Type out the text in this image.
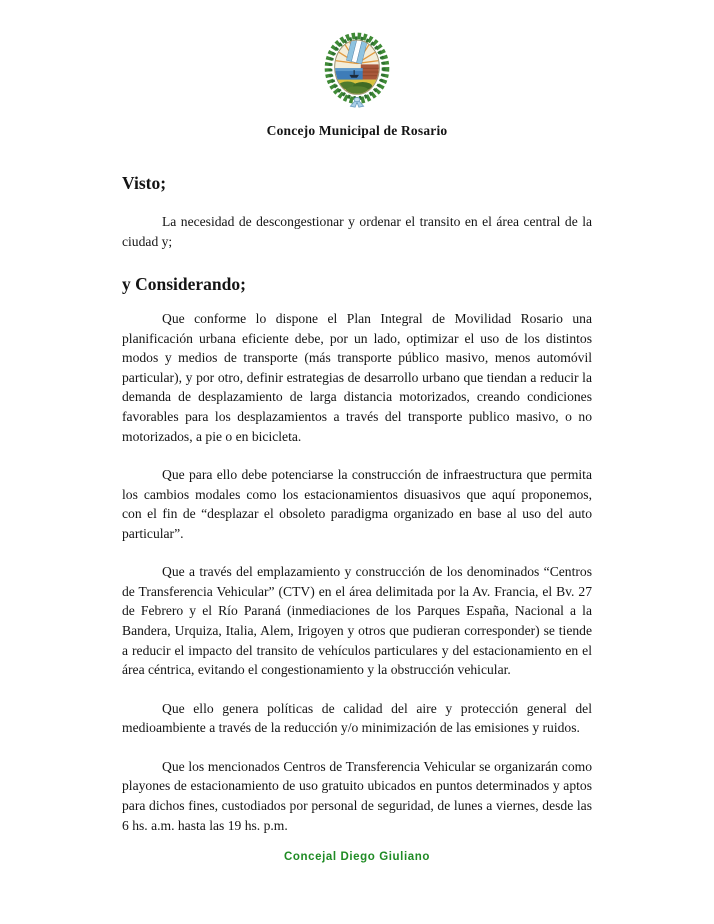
Concejo Municipal de Rosario
Visto;

La necesidad de descongestionar y ordenar el transito en el área central de la ciudad y;

y Considerando;

Que conforme lo dispone el Plan Integral de Movilidad Rosario una planificación urbana eficiente debe, por un lado, optimizar el uso de los distintos modos y medios de transporte (más transporte público masivo, menos automóvil particular), y por otro, definir estrategias de desarrollo urbano que tiendan a reducir la demanda de desplazamiento de larga distancia motorizados, creando condiciones favorables para los desplazamientos a través del transporte publico masivo, o no motorizados, a pie o en bicicleta.

Que para ello debe potenciarse la construcción de infraestructura que permita los cambios modales como los estacionamientos disuasivos que aquí proponemos, con el fin de “desplazar el obsoleto paradigma organizado en base al uso del auto particular”.

Que a través del emplazamiento y construcción de los denominados “Centros de Transferencia Vehicular” (CTV) en el área delimitada por la Av. Francia, el Bv. 27 de Febrero y el Río Paraná (inmediaciones de los Parques España, Nacional a la Bandera, Urquiza, Italia, Alem, Irigoyen y otros que pudieran corresponder) se tiende a reducir el impacto del transito de vehículos particulares y del estacionamiento en el área céntrica, evitando el congestionamiento y la obstrucción vehicular.

Que ello genera políticas de calidad del aire y protección general del medioambiente a través de la reducción y/o minimización de las emisiones y ruidos.

Que los mencionados Centros de Transferencia Vehicular se organizarán como playones de estacionamiento de uso gratuito ubicados en puntos determinados y aptos para dichos fines, custodiados por personal de seguridad, de lunes a viernes, desde las 6 hs. a.m. hasta las 19 hs. p.m.

Concejal Diego Giuliano
